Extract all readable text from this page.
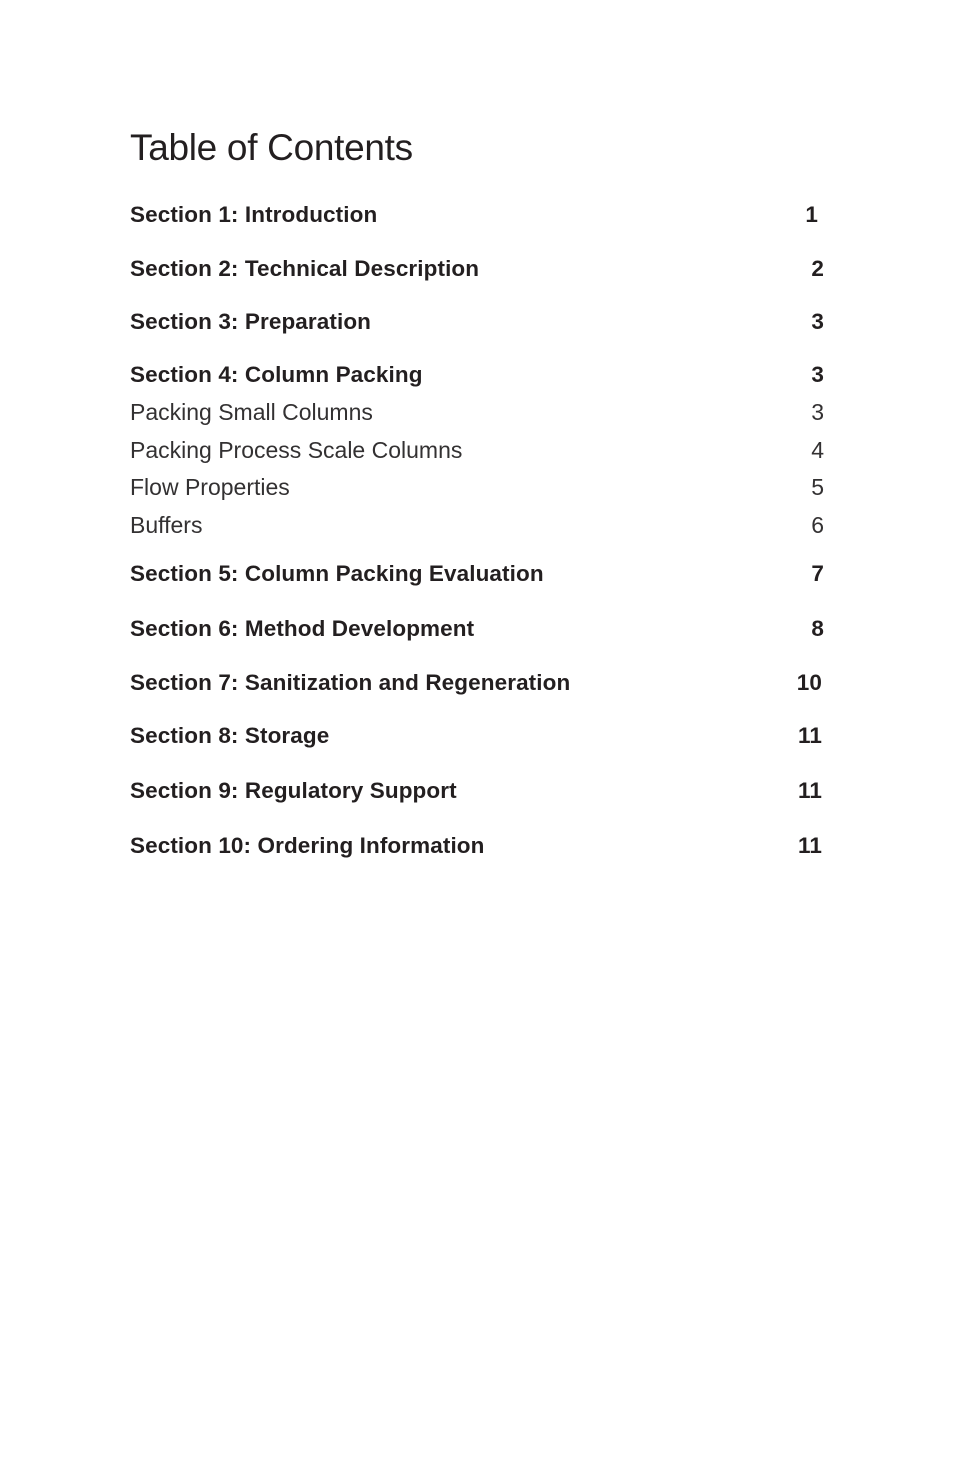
Table of Contents
Section 1: Introduction	1
Section 2: Technical Description	2
Section 3: Preparation	3
Section 4: Column Packing	3
Packing Small Columns	3
Packing Process Scale Columns	4
Flow Properties	5
Buffers	6
Section 5: Column Packing Evaluation	7
Section 6: Method Development	8
Section 7: Sanitization and Regeneration	10
Section 8: Storage	11
Section 9: Regulatory Support	11
Section 10: Ordering Information	11
